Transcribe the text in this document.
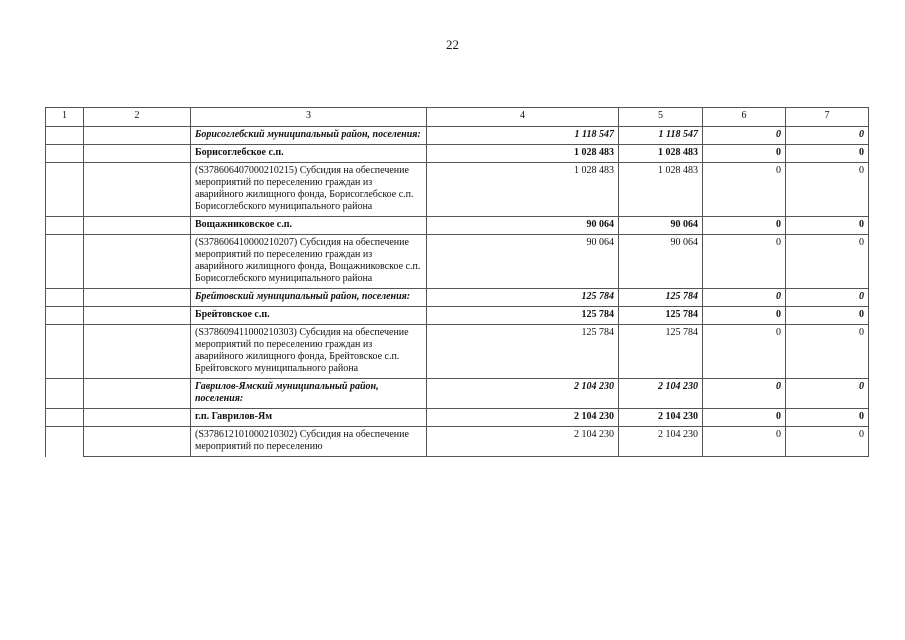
22
1	2	3	4	5	6	7
		Борисоглебский муниципальный район, поселения:	1 118 547	1 118 547	0	0
		Борисоглебское с.п.	1 028 483	1 028 483	0	0
		(S378606407000210215) Субсидия на обеспечение мероприятий по переселению граждан из аварийного жилищного фонда, Борисоглебское с.п. Борисоглебского муниципального района	1 028 483	1 028 483	0	0
		Вощажниковское с.п.	90 064	90 064	0	0
		(S378606410000210207) Субсидия на обеспечение мероприятий по переселению граждан из аварийного жилищного фонда, Вощажниковское с.п. Борисоглебского муниципального района	90 064	90 064	0	0
		Брейтовский муниципальный район, поселения:	125 784	125 784	0	0
		Брейтовское с.п.	125 784	125 784	0	0
		(S378609411000210303) Субсидия на обеспечение мероприятий по переселению граждан из аварийного жилищного фонда, Брейтовское с.п. Брейтовского муниципального района	125 784	125 784	0	0
		Гаврилов-Ямский муниципальный район, поселения:	2 104 230	2 104 230	0	0
		г.п. Гаврилов-Ям	2 104 230	2 104 230	0	0
		(S378612101000210302) Субсидия на обеспечение мероприятий по переселению	2 104 230	2 104 230	0	0
